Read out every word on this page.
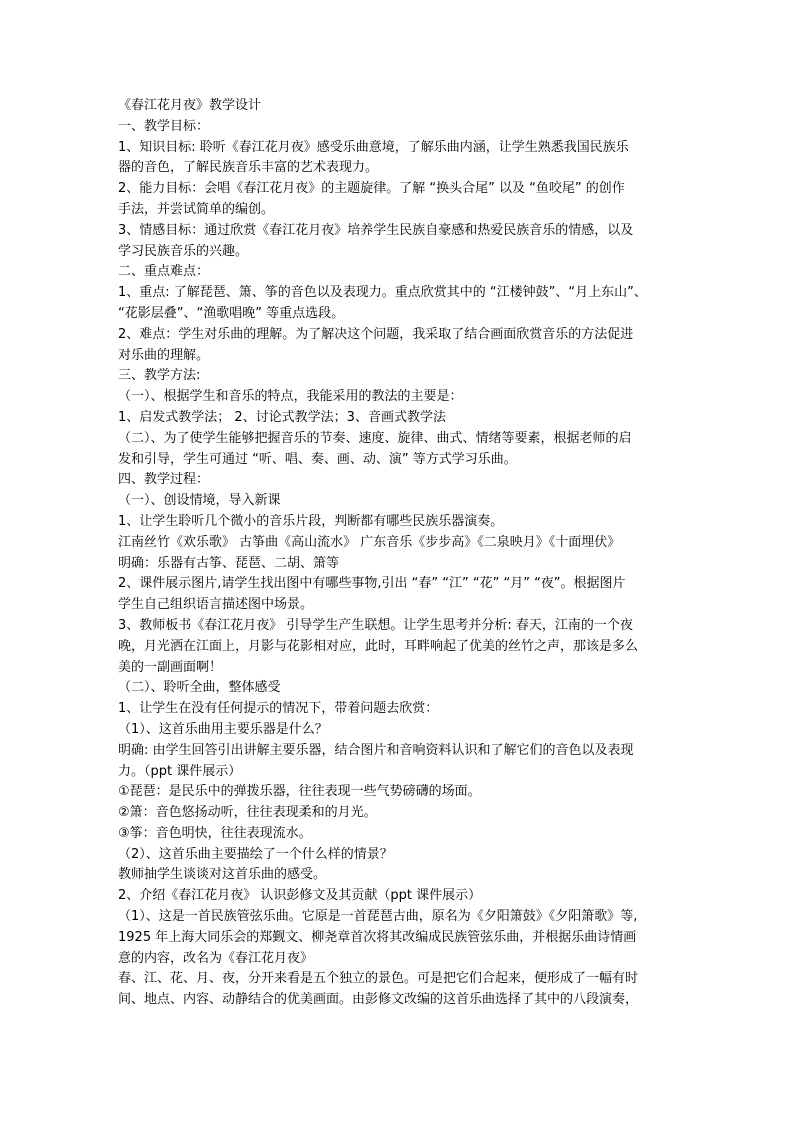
《春江花月夜》教学设计
一、教学目标：
1、知识目标: 聆听《春江花月夜》感受乐曲意境，了解乐曲内涵，让学生熟悉我国民族乐
器的音色，了解民族音乐丰富的艺术表现力。
2、能力目标：会唱《春江花月夜》的主题旋律。了解 “换头合尾” 以及 “鱼咬尾” 的创作
手法，并尝试简单的编创。
3、情感目标：通过欣赏《春江花月夜》培养学生民族自豪感和热爱民族音乐的情感，以及
学习民族音乐的兴趣。
二、重点难点：
1、重点: 了解琵琶、箫、筝的音色以及表现力。重点欣赏其中的 “江楼钟鼓”、“月上东山”、
“花影层叠”、“渔歌唱晚” 等重点选段。
2、难点：学生对乐曲的理解。为了解决这个问题，我采取了结合画面欣赏音乐的方法促进
对乐曲的理解。
三、教学方法:
（一）、根据学生和音乐的特点，我能采用的教法的主要是：
1、启发式教学法； 2、讨论式教学法；3、音画式教学法
（二）、为了使学生能够把握音乐的节奏、速度、旋律、曲式、情绪等要素，根据老师的启
发和引导，学生可通过 “听、唱、奏、画、动、演” 等方式学习乐曲。
四、教学过程：
（一）、创设情境，导入新课
1、让学生聆听几个微小的音乐片段，判断都有哪些民族乐器演奏。
江南丝竹《欢乐歌》 古筝曲《高山流水》 广东音乐《步步高》《二泉映月》《十面埋伏》
明确：乐器有古筝、琵琶、二胡、箫等
2、课件展示图片,请学生找出图中有哪些事物,引出 “春” “江” “花” “月” “夜”。根据图片
学生自己组织语言描述图中场景。
3、教师板书《春江花月夜》 引导学生产生联想。让学生思考并分析: 春天，江南的一个夜
晚，月光洒在江面上，月影与花影相对应，此时，耳畔响起了优美的丝竹之声，那该是多么
美的一副画面啊！
（二）、聆听全曲，整体感受
1、让学生在没有任何提示的情况下，带着问题去欣赏：
（1）、这首乐曲用主要乐器是什么？
明确: 由学生回答引出讲解主要乐器，结合图片和音响资料认识和了解它们的音色以及表现
力。（ppt 课件展示）
①琵琶：是民乐中的弹拨乐器，往往表现一些气势磅礴的场面。
②箫：音色悠扬动听，往往表现柔和的月光。
③筝：音色明快，往往表现流水。
（2）、这首乐曲主要描绘了一个什么样的情景？
教师抽学生谈谈对这首乐曲的感受。
2、介绍《春江花月夜》 认识彭修文及其贡献（ppt 课件展示）
（1）、这是一首民族管弦乐曲。它原是一首琵琶古曲，原名为《夕阳箫鼓》《夕阳箫歌》等,
1925 年上海大同乐会的郑觐文、柳尧章首次将其改编成民族管弦乐曲，并根据乐曲诗情画
意的内容，改名为《春江花月夜》
春、江、花、月、夜，分开来看是五个独立的景色。可是把它们合起来，便形成了一幅有时
间、地点、内容、动静结合的优美画面。由彭修文改编的这首乐曲选择了其中的八段演奏，
